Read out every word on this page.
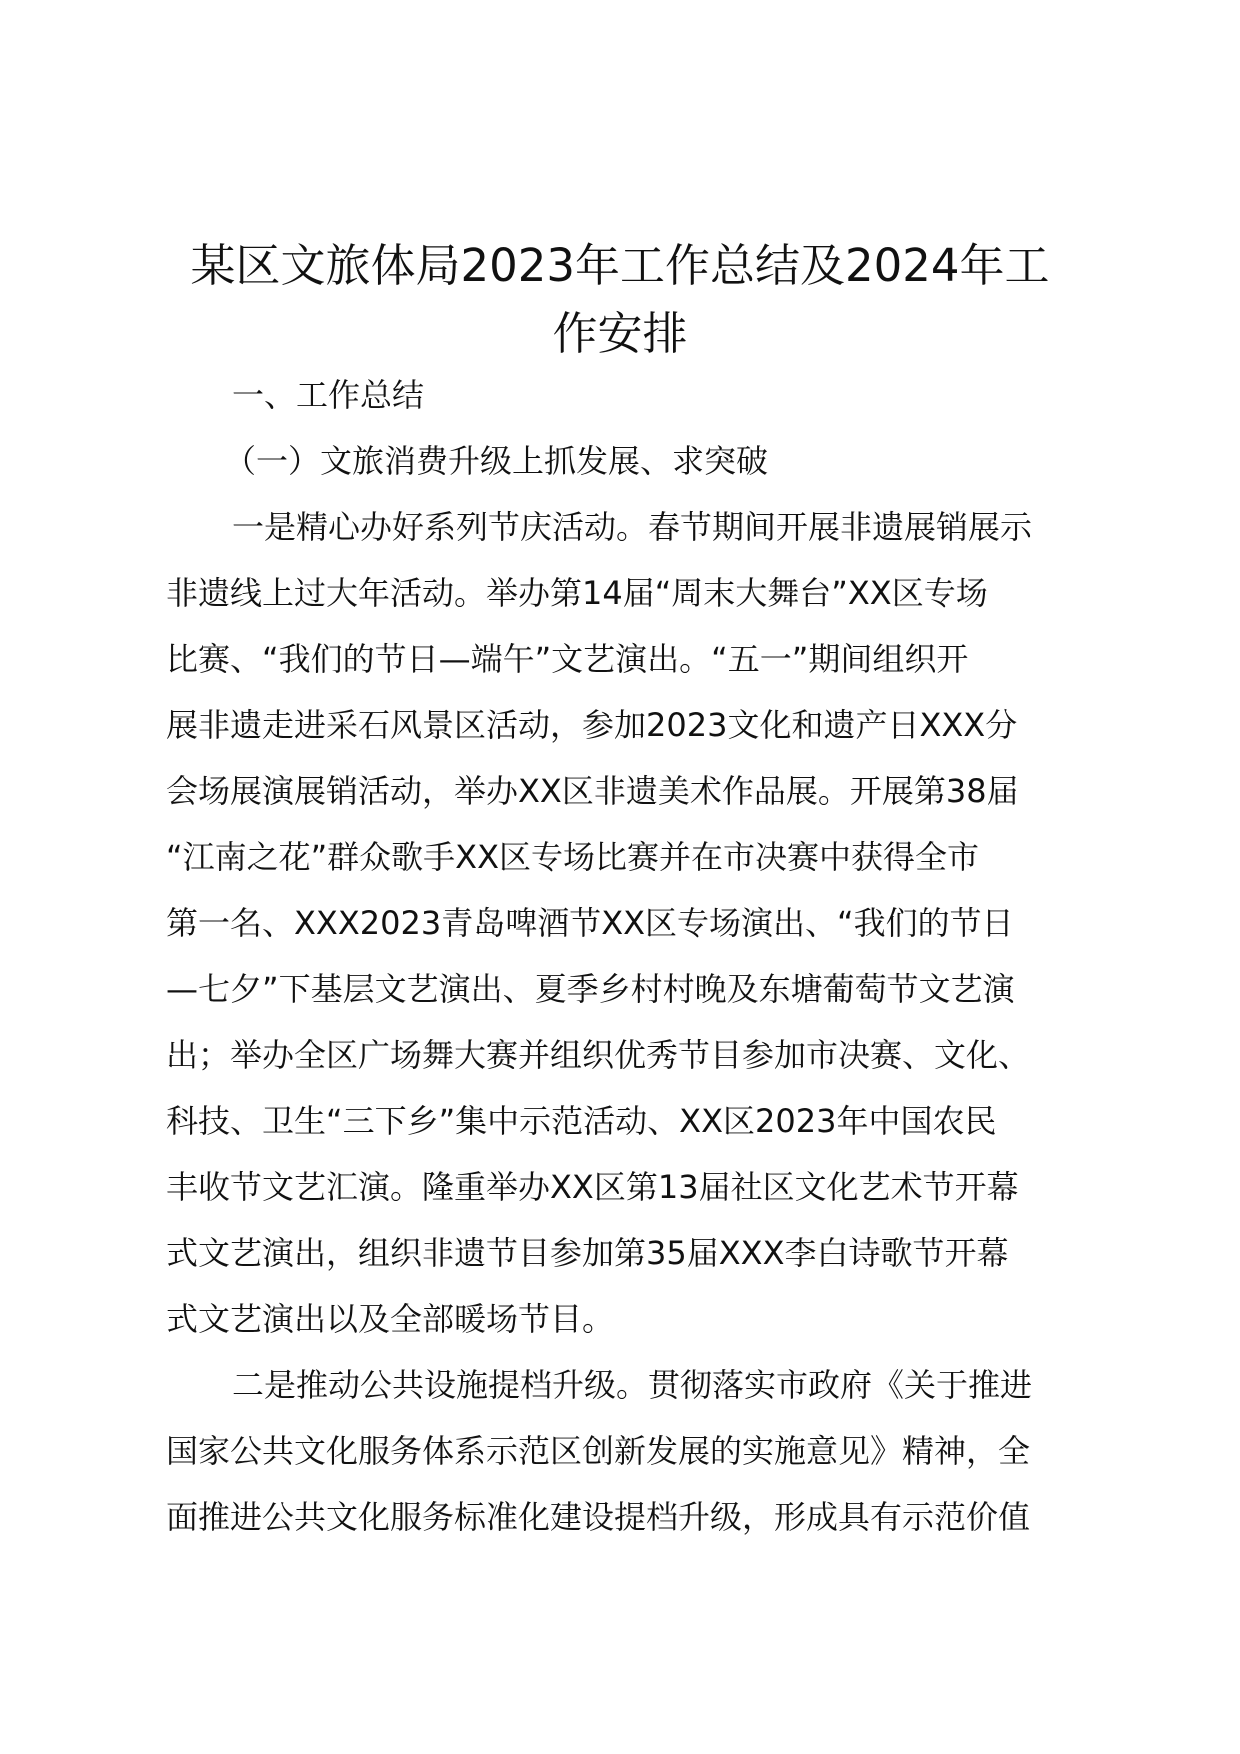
某区文旅体局2023年工作总结及2024年工
作安排
一、工作总结
（一）文旅消费升级上抓发展、求突破
一是精心办好系列节庆活动。春节期间开展非遗展销展示
非遗线上过大年活动。举办第14届“周末大舞台”XX区专场
比赛、“我们的节日—端午”文艺演出。“五一”期间组织开
展非遗走进采石风景区活动，参加2023文化和遗产日XXX分
会场展演展销活动，举办XX区非遗美术作品展。开展第38届
“江南之花”群众歌手XX区专场比赛并在市决赛中获得全市
第一名、XXX2023青岛啤酒节XX区专场演出、“我们的节日
—七夕”下基层文艺演出、夏季乡村村晚及东塘葡萄节文艺演
出；举办全区广场舞大赛并组织优秀节目参加市决赛、文化、
科技、卫生“三下乡”集中示范活动、XX区2023年中国农民
丰收节文艺汇演。隆重举办XX区第13届社区文化艺术节开幕
式文艺演出，组织非遗节目参加第35届XXX李白诗歌节开幕
式文艺演出以及全部暖场节目。
二是推动公共设施提档升级。贯彻落实市政府《关于推进
国家公共文化服务体系示范区创新发展的实施意见》精神，全
面推进公共文化服务标准化建设提档升级，形成具有示范价值
